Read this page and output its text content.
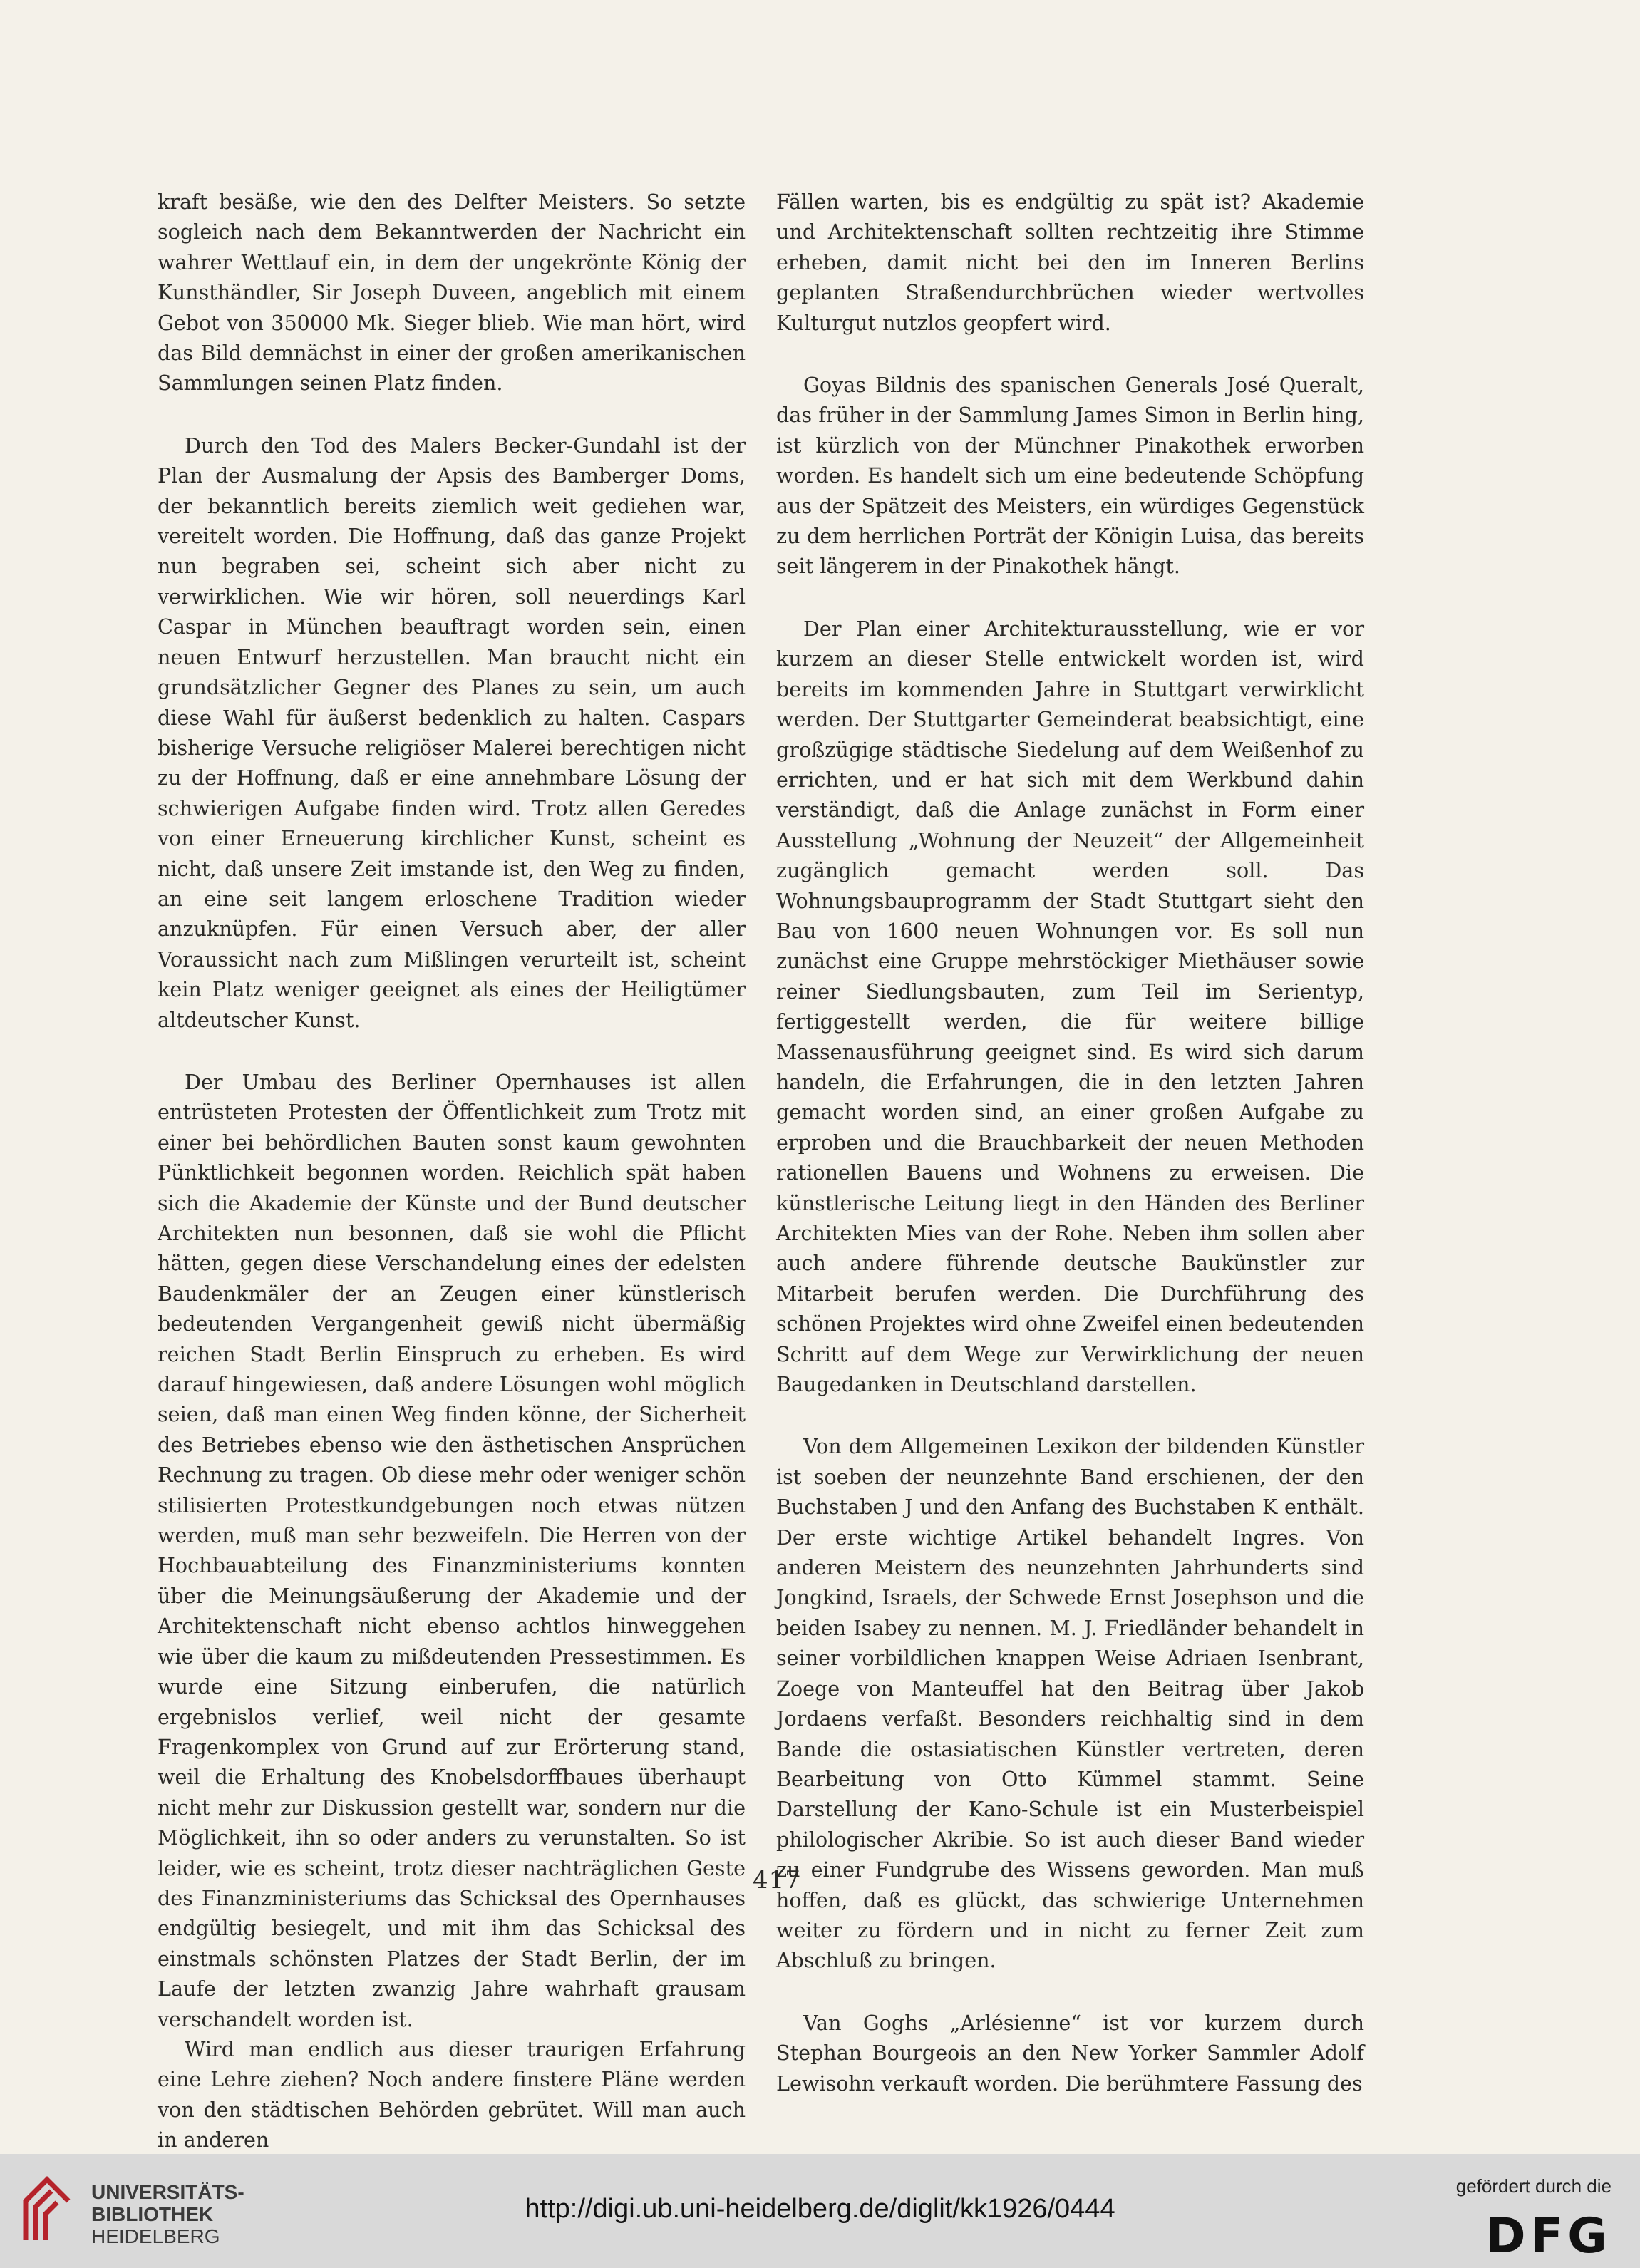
kraft besäße, wie den des Delfter Meisters. So setzte sogleich nach dem Bekanntwerden der Nachricht ein wahrer Wettlauf ein, in dem der ungekrönte König der Kunsthändler, Sir Joseph Duveen, angeblich mit einem Gebot von 350000 Mk. Sieger blieb. Wie man hört, wird das Bild demnächst in einer der großen amerikanischen Sammlungen seinen Platz finden.

Durch den Tod des Malers Becker-Gundahl ist der Plan der Ausmalung der Apsis des Bamberger Doms, der bekanntlich bereits ziemlich weit gediehen war, vereitelt worden. Die Hoffnung, daß das ganze Projekt nun begraben sei, scheint sich aber nicht zu verwirklichen. Wie wir hören, soll neuerdings Karl Caspar in München beauftragt worden sein, einen neuen Entwurf herzustellen. Man braucht nicht ein grundsätzlicher Gegner des Planes zu sein, um auch diese Wahl für äußerst bedenklich zu halten. Caspars bisherige Versuche religiöser Malerei berechtigen nicht zu der Hoffnung, daß er eine annehmbare Lösung der schwierigen Aufgabe finden wird. Trotz allen Geredes von einer Erneuerung kirchlicher Kunst, scheint es nicht, daß unsere Zeit imstande ist, den Weg zu finden, an eine seit langem erloschene Tradition wieder anzuknüpfen. Für einen Versuch aber, der aller Voraussicht nach zum Mißlingen verurteilt ist, scheint kein Platz weniger geeignet als eines der Heiligtümer altdeutscher Kunst.

Der Umbau des Berliner Opernhauses ist allen entrüsteten Protesten der Öffentlichkeit zum Trotz mit einer bei behördlichen Bauten sonst kaum gewohnten Pünktlichkeit begonnen worden. Reichlich spät haben sich die Akademie der Künste und der Bund deutscher Architekten nun besonnen, daß sie wohl die Pflicht hätten, gegen diese Verschandelung eines der edelsten Baudenkmäler der an Zeugen einer künstlerisch bedeutenden Vergangenheit gewiß nicht übermäßig reichen Stadt Berlin Einspruch zu erheben. Es wird darauf hingewiesen, daß andere Lösungen wohl möglich seien, daß man einen Weg finden könne, der Sicherheit des Betriebes ebenso wie den ästhetischen Ansprüchen Rechnung zu tragen. Ob diese mehr oder weniger schön stilisierten Protestkundgebungen noch etwas nützen werden, muß man sehr bezweifeln. Die Herren von der Hochbauabteilung des Finanzministeriums konnten über die Meinungsäußerung der Akademie und der Architektenschaft nicht ebenso achtlos hinweggehen wie über die kaum zu mißdeutenden Pressestimmen. Es wurde eine Sitzung einberufen, die natürlich ergebnislos verlief, weil nicht der gesamte Fragenkomplex von Grund auf zur Erörterung stand, weil die Erhaltung des Knobelsdorffbaues überhaupt nicht mehr zur Diskussion gestellt war, sondern nur die Möglichkeit, ihn so oder anders zu verunstalten. So ist leider, wie es scheint, trotz dieser nachträglichen Geste des Finanzministeriums das Schicksal des Opernhauses endgültig besiegelt, und mit ihm das Schicksal des einstmals schönsten Platzes der Stadt Berlin, der im Laufe der letzten zwanzig Jahre wahrhaft grausam verschandelt worden ist.

Wird man endlich aus dieser traurigen Erfahrung eine Lehre ziehen? Noch andere finstere Pläne werden von den städtischen Behörden gebrütet. Will man auch in anderen

Fällen warten, bis es endgültig zu spät ist? Akademie und Architektenschaft sollten rechtzeitig ihre Stimme erheben, damit nicht bei den im Inneren Berlins geplanten Straßendurchbrüchen wieder wertvolles Kulturgut nutzlos geopfert wird.

Goyas Bildnis des spanischen Generals José Queralt, das früher in der Sammlung James Simon in Berlin hing, ist kürzlich von der Münchner Pinakothek erworben worden. Es handelt sich um eine bedeutende Schöpfung aus der Spätzeit des Meisters, ein würdiges Gegenstück zu dem herrlichen Porträt der Königin Luisa, das bereits seit längerem in der Pinakothek hängt.

Der Plan einer Architekturausstellung, wie er vor kurzem an dieser Stelle entwickelt worden ist, wird bereits im kommenden Jahre in Stuttgart verwirklicht werden. Der Stuttgarter Gemeinderat beabsichtigt, eine großzügige städtische Siedelung auf dem Weißenhof zu errichten, und er hat sich mit dem Werkbund dahin verständigt, daß die Anlage zunächst in Form einer Ausstellung „Wohnung der Neuzeit“ der Allgemeinheit zugänglich gemacht werden soll. Das Wohnungsbauprogramm der Stadt Stuttgart sieht den Bau von 1600 neuen Wohnungen vor. Es soll nun zunächst eine Gruppe mehrstöckiger Miethäuser sowie reiner Siedlungsbauten, zum Teil im Serientyp, fertiggestellt werden, die für weitere billige Massenausführung geeignet sind. Es wird sich darum handeln, die Erfahrungen, die in den letzten Jahren gemacht worden sind, an einer großen Aufgabe zu erproben und die Brauchbarkeit der neuen Methoden rationellen Bauens und Wohnens zu erweisen. Die künstlerische Leitung liegt in den Händen des Berliner Architekten Mies van der Rohe. Neben ihm sollen aber auch andere führende deutsche Baukünstler zur Mitarbeit berufen werden. Die Durchführung des schönen Projektes wird ohne Zweifel einen bedeutenden Schritt auf dem Wege zur Verwirklichung der neuen Baugedanken in Deutschland darstellen.

Von dem Allgemeinen Lexikon der bildenden Künstler ist soeben der neunzehnte Band erschienen, der den Buchstaben J und den Anfang des Buchstaben K enthält. Der erste wichtige Artikel behandelt Ingres. Von anderen Meistern des neunzehnten Jahrhunderts sind Jongkind, Israels, der Schwede Ernst Josephson und die beiden Isabey zu nennen. M. J. Friedländer behandelt in seiner vorbildlichen knappen Weise Adriaen Isenbrant, Zoege von Manteuffel hat den Beitrag über Jakob Jordaens verfaßt. Besonders reichhaltig sind in dem Bande die ostasiatischen Künstler vertreten, deren Bearbeitung von Otto Kümmel stammt. Seine Darstellung der Kano-Schule ist ein Musterbeispiel philologischer Akribie. So ist auch dieser Band wieder zu einer Fundgrube des Wissens geworden. Man muß hoffen, daß es glückt, das schwierige Unternehmen weiter zu fördern und in nicht zu ferner Zeit zum Abschluß zu bringen.

Van Goghs „Arlésienne“ ist vor kurzem durch Stephan Bourgeois an den New Yorker Sammler Adolf Lewisohn verkauft worden. Die berühmtere Fassung des

417
UNIVERSITÄTS-
BIBLIOTHEK
HEIDELBERG
http://digi.ub.uni-heidelberg.de/diglit/kk1926/0444
gefördert durch die
DFG
